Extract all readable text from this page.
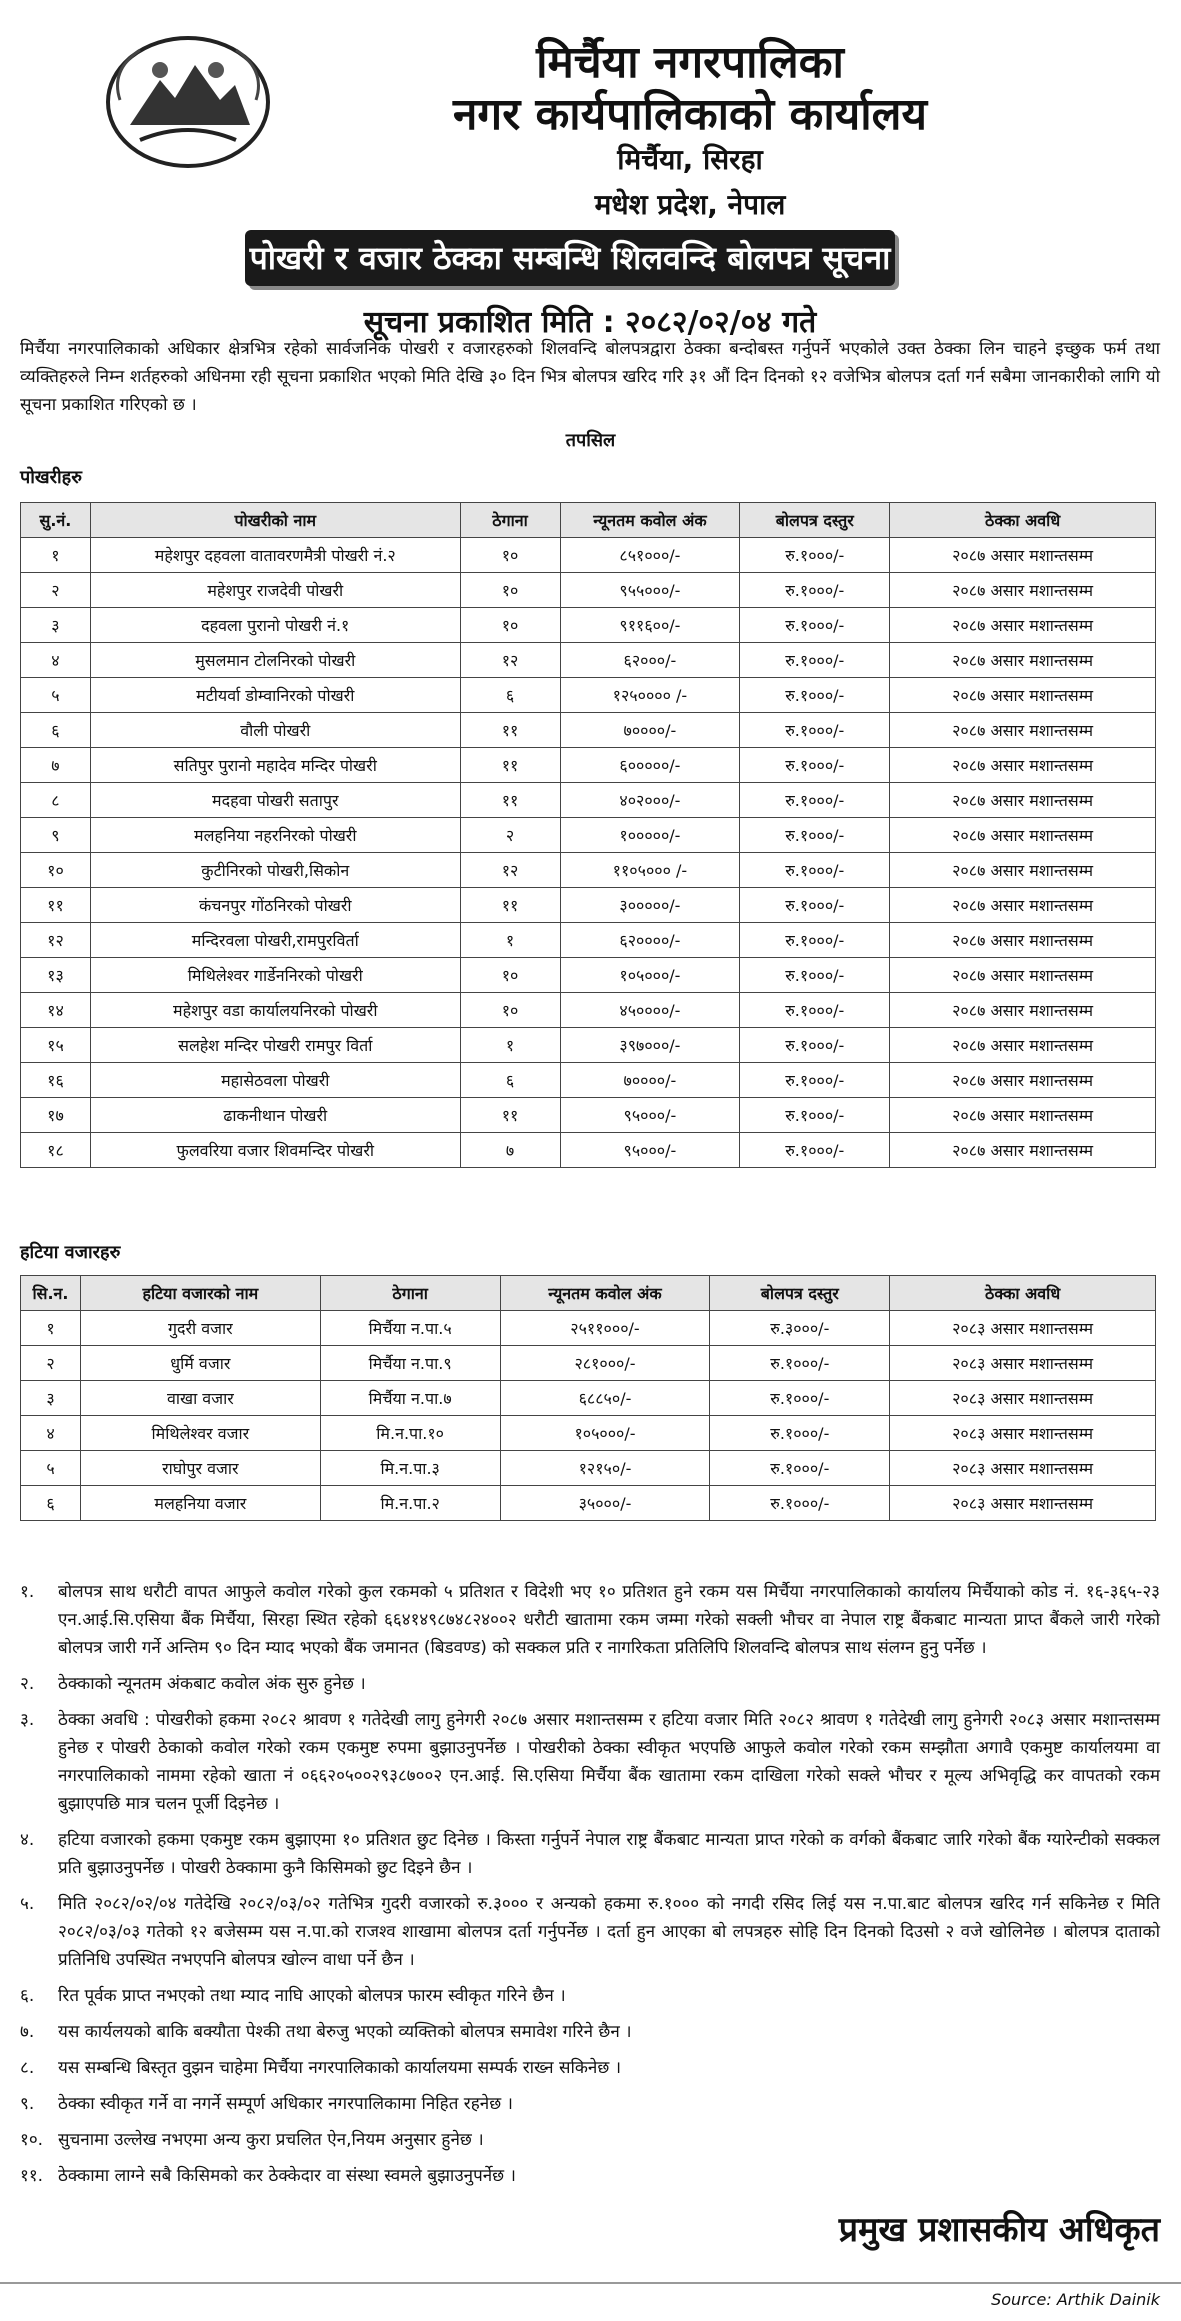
मिर्चैया नगरपालिका
नगर कार्यपालिकाको कार्यालय
मिर्चैया, सिरहा
मधेश प्रदेश, नेपाल
पोखरी र वजार ठेक्का सम्बन्धि शिलवन्दि बोलपत्र सूचना
सूचना प्रकाशित मिति : २०८२/०२/०४ गते
मिर्चैया नगरपालिकाको अधिकार क्षेत्रभित्र रहेको सार्वजनिक पोखरी र वजारहरुको शिलवन्दि बोलपत्रद्वारा ठेक्का बन्दोबस्त गर्नुपर्ने भएकोले उक्त ठेक्का लिन चाहने इच्छुक फर्म तथा व्यक्तिहरुले निम्न शर्तहरुको अधिनमा रही सूचना प्रकाशित भएको मिति देखि ३० दिन भित्र बोलपत्र खरिद गरि ३१ औं दिन दिनको १२ वजेभित्र बोलपत्र दर्ता गर्न सबैमा जानकारीको लागि यो सूचना प्रकाशित गरिएको छ ।
तपसिल
पोखरीहरु
सु.नं.	पोखरीको नाम	ठेगाना	न्यूनतम कवोल अंक	बोलपत्र दस्तुर	ठेक्का अवधि
१	महेशपुर दहवला वातावरणमैत्री पोखरी नं.२	१०	८५१०००/-	रु.१०००/-	२०८७ असार मशान्तसम्म
२	महेशपुर राजदेवी पोखरी	१०	९५५०००/-	रु.१०००/-	२०८७ असार मशान्तसम्म
३	दहवला पुरानो पोखरी नं.१	१०	९११६००/-	रु.१०००/-	२०८७ असार मशान्तसम्म
४	मुसलमान टोलनिरको पोखरी	१२	६२०००/-	रु.१०००/-	२०८७ असार मशान्तसम्म
५	मटीयर्वा डोम्वानिरको पोखरी	६	१२५०००० /-	रु.१०००/-	२०८७ असार मशान्तसम्म
६	वौली पोखरी	११	७००००/-	रु.१०००/-	२०८७ असार मशान्तसम्म
७	सतिपुर पुरानो महादेव मन्दिर पोखरी	११	६०००००/-	रु.१०००/-	२०८७ असार मशान्तसम्म
८	मदहवा पोखरी सतापुर	११	४०२०००/-	रु.१०००/-	२०८७ असार मशान्तसम्म
९	मलहनिया नहरनिरको पोखरी	२	१०००००/-	रु.१०००/-	२०८७ असार मशान्तसम्म
१०	कुटीनिरको पोखरी,सिकोन	१२	११०५००० /-	रु.१०००/-	२०८७ असार मशान्तसम्म
११	कंचनपुर गोंठनिरको पोखरी	११	३०००००/-	रु.१०००/-	२०८७ असार मशान्तसम्म
१२	मन्दिरवला पोखरी,रामपुरविर्ता	१	६२००००/-	रु.१०००/-	२०८७ असार मशान्तसम्म
१३	मिथिलेश्वर गार्डेननिरको पोखरी	१०	१०५०००/-	रु.१०००/-	२०८७ असार मशान्तसम्म
१४	महेशपुर वडा कार्यालयनिरको पोखरी	१०	४५००००/-	रु.१०००/-	२०८७ असार मशान्तसम्म
१५	सलहेश मन्दिर पोखरी रामपुर विर्ता	१	३९७०००/-	रु.१०००/-	२०८७ असार मशान्तसम्म
१६	महासेठवला पोखरी	६	७००००/-	रु.१०००/-	२०८७ असार मशान्तसम्म
१७	ढाकनीथान पोखरी	११	९५०००/-	रु.१०००/-	२०८७ असार मशान्तसम्म
१८	फुलवरिया वजार शिवमन्दिर पोखरी	७	९५०००/-	रु.१०००/-	२०८७ असार मशान्तसम्म
हटिया वजारहरु
सि.न.	हटिया वजारको नाम	ठेगाना	न्यूनतम कवोल अंक	बोलपत्र दस्तुर	ठेक्का अवधि
१	गुदरी वजार	मिर्चैया न.पा.५	२५११०००/-	रु.३०००/-	२०८३ असार मशान्तसम्म
२	धुर्मि वजार	मिर्चैया न.पा.९	२८१०००/-	रु.१०००/-	२०८३ असार मशान्तसम्म
३	वाखा वजार	मिर्चैया न.पा.७	६८८५०/-	रु.१०००/-	२०८३ असार मशान्तसम्म
४	मिथिलेश्वर वजार	मि.न.पा.१०	१०५०००/-	रु.१०००/-	२०८३ असार मशान्तसम्म
५	राघोपुर वजार	मि.न.पा.३	१२१५०/-	रु.१०००/-	२०८३ असार मशान्तसम्म
६	मलहनिया वजार	मि.न.पा.२	३५०००/-	रु.१०००/-	२०८३ असार मशान्तसम्म
१.	बोलपत्र साथ धरौटी वापत आफुले कवोल गरेको कुल रकमको ५ प्रतिशत र विदेशी भए १० प्रतिशत हुने रकम यस मिर्चैया नगरपालिकाको कार्यालय मिर्चैयाको कोड नं. १६-३६५-२३ एन.आई.सि.एसिया बैंक मिर्चैया, सिरहा स्थित रहेको ६६४१४९८७४८२४००२ धरौटी खातामा रकम जम्मा गरेको सक्ली भौचर वा नेपाल राष्ट्र बैंकबाट मान्यता प्राप्त बैंकले जारी गरेको बोलपत्र जारी गर्ने अन्तिम ९० दिन म्याद भएको बैंक जमानत (बिडवण्ड) को सक्कल प्रति र नागरिकता प्रतिलिपि शिलवन्दि बोलपत्र साथ संलग्न हुनु पर्नेछ ।
२.	ठेक्काको न्यूनतम अंकबाट कवोल अंक सुरु हुनेछ ।
३.	ठेक्का अवधि : पोखरीको हकमा २०८२ श्रावण १ गतेदेखी लागु हुनेगरी २०८७ असार मशान्तसम्म र हटिया वजार मिति २०८२ श्रावण १ गतेदेखी लागु हुनेगरी २०८३ असार मशान्तसम्म हुनेछ र पोखरी ठेकाको कवोल गरेको रकम एकमुष्ट रुपमा बुझाउनुपर्नेछ । पोखरीको ठेक्का स्वीकृत भएपछि आफुले कवोल गरेको रकम सम्झौता अगावै एकमुष्ट कार्यालयमा वा नगरपालिकाको नाममा रहेको खाता नं ०६६२०५००२९३८७००२ एन.आई. सि.एसिया मिर्चैया बैंक खातामा रकम दाखिला गरेको सक्ले भौचर र मूल्य अभिवृद्धि कर वापतको रकम बुझाएपछि मात्र चलन पूर्जी दिइनेछ ।
४.	हटिया वजारको हकमा एकमुष्ट रकम बुझाएमा १० प्रतिशत छुट दिनेछ । किस्ता गर्नुपर्ने नेपाल राष्ट्र बैंकबाट मान्यता प्राप्त गरेको क वर्गको बैंकबाट जारि गरेको बैंक ग्यारेन्टीको सक्कल प्रति बुझाउनुपर्नेछ । पोखरी ठेक्कामा कुनै किसिमको छुट दिइने छैन ।
५.	मिति २०८२/०२/०४ गतेदेखि २०८२/०३/०२ गतेभित्र गुदरी वजारको रु.३००० र अन्यको हकमा रु.१००० को नगदी रसिद लिई यस न.पा.बाट बोलपत्र खरिद गर्न सकिनेछ र मिति २०८२/०३/०३ गतेको १२ बजेसम्म यस न.पा.को राजश्व शाखामा बोलपत्र दर्ता गर्नुपर्नेछ । दर्ता हुन आएका बो लपत्रहरु सोहि दिन दिनको दिउसो २ वजे खोलिनेछ । बोलपत्र दाताको प्रतिनिधि उपस्थित नभएपनि बोलपत्र खोल्न वाधा पर्ने छैन ।
६.	रित पूर्वक प्राप्त नभएको तथा म्याद नाघि आएको बोलपत्र फारम स्वीकृत गरिने छैन ।
७.	यस कार्यलयको बाकि बक्यौता पेश्की तथा बेरुजु भएको व्यक्तिको बोलपत्र समावेश गरिने छैन ।
८.	यस सम्बन्धि बिस्तृत वुझन चाहेमा मिर्चैया नगरपालिकाको कार्यालयमा सम्पर्क राख्न सकिनेछ ।
९.	ठेक्का स्वीकृत गर्ने वा नगर्ने सम्पूर्ण अधिकार नगरपालिकामा निहित रहनेछ ।
१०. सुचनामा उल्लेख नभएमा अन्य कुरा प्रचलित ऐन,नियम अनुसार हुनेछ ।
११. ठेक्कामा लाग्ने सबै किसिमको कर ठेक्केदार वा संस्था स्वमले बुझाउनुपर्नेछ ।
प्रमुख प्रशासकीय अधिकृत
Source: Arthik Dainik
